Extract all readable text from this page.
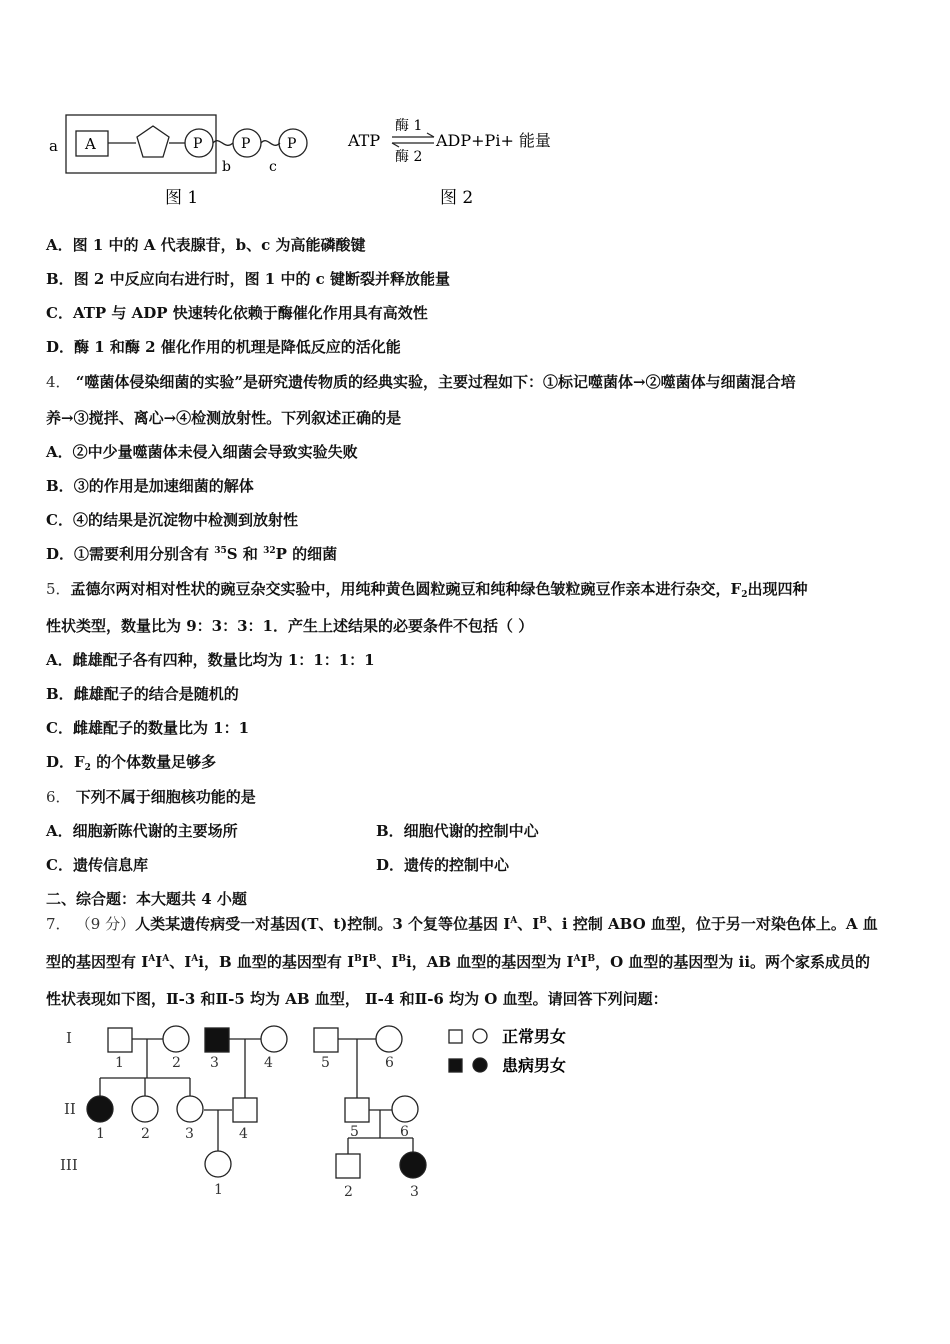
a A	P	P	P
b	c
图 1
ATP
酶 1
酶 2
ADP+Pi+ 能量
图 2
A．图 1 中的 A 代表腺苷，b、c 为高能磷酸键
B．图 2 中反应向右进行时，图 1 中的 c 键断裂并释放能量
C．ATP 与 ADP 快速转化依赖于酶催化作用具有高效性
D．酶 1 和酶 2 催化作用的机理是降低反应的活化能
4． “噬菌体侵染细菌的实验”是研究遗传物质的经典实验，主要过程如下：①标记噬菌体→②噬菌体与细菌混合培
养→③搅拌、离心→④检测放射性。下列叙述正确的是
A．②中少量噬菌体未侵入细菌会导致实验失败
B．③的作用是加速细菌的解体
C．④的结果是沉淀物中检测到放射性
D．①需要利用分别含有 $^{35}$S 和 $^{32}$P 的细菌
5．孟德尔两对相对性状的豌豆杂交实验中，用纯种黄色圆粒豌豆和纯种绿色皱粒豌豆作亲本进行杂交，$F_2$出现四种
性状类型，数量比为 9：3：3：1．产生上述结果的必要条件不包括（ ）
A．雌雄配子各有四种，数量比均为 1：1：1：1
B．雌雄配子的结合是随机的
C．雌雄配子的数量比为 1：1
D．$F_2$ 的个体数量足够多
6． 下列不属于细胞核功能的是
A．细胞新陈代谢的主要场所	B．细胞代谢的控制中心
C．遗传信息库	D．遗传的控制中心
二、综合题：本大题共 4 小题
7． （9 分）人类某遗传病受一对基因(T、t)控制。3 个复等位基因 $I^A$、$I^B$、i 控制 ABO 血型，位于另一对染色体上。A 血
型的基因型有 $I^AI^A$、$I^Ai$，B 血型的基因型有 $I^BI^B$、$I^Bi$，AB 血型的基因型为 $I^AI^B$，O 血型的基因型为 ii。两个家系成员的
性状表现如下图，Ⅱ-3 和Ⅱ-5 均为 AB 血型， Ⅱ-4 和Ⅱ-6 均为 O 血型。请回答下列问题：
I
II
III
1	2 3	4	5	6
1	2	3	4	5	6
1	2	3
正常男女
患病男女
